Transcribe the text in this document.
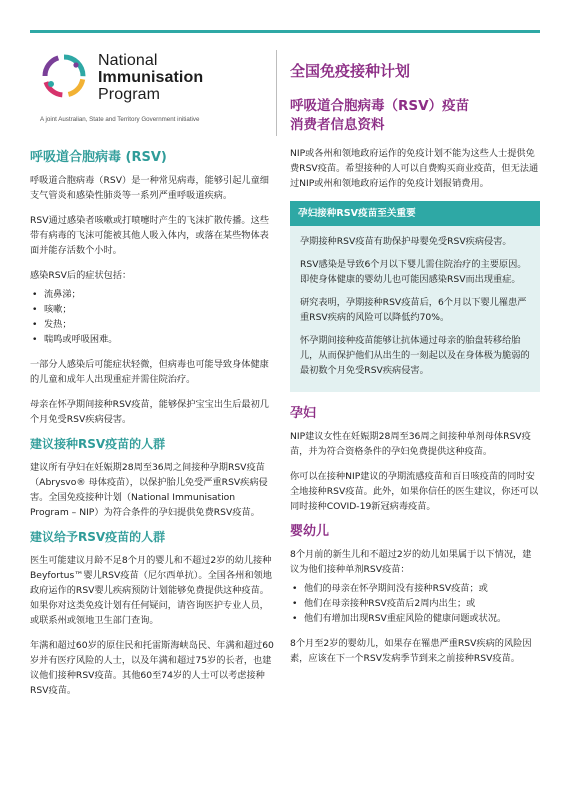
National
Immunisation
Program
A joint Australian, State and Territory Government initiative
全国免疫接种计划
呼吸道合胞病毒（RSV）疫苗
消费者信息资料
呼吸道合胞病毒 (RSV)
呼吸道合胞病毒（RSV）是一种常见病毒，能够引起儿童细支气管炎和感染性肺炎等一系列严重呼吸道疾病。
RSV通过感染者咳嗽或打喷嚏时产生的飞沫扩散传播。这些带有病毒的飞沫可能被其他人吸入体内，或落在某些物体表面并能存活数个小时。
感染RSV后的症状包括：
• 流鼻涕；
• 咳嗽；
• 发热；
• 喘鸣或呼吸困难。
一部分人感染后可能症状轻微，但病毒也可能导致身体健康的儿童和成年人出现重症并需住院治疗。
母亲在怀孕期间接种RSV疫苗，能够保护宝宝出生后最初几个月免受RSV疾病侵害。
建议接种RSV疫苗的人群
建议所有孕妇在妊娠期28周至36周之间接种孕期RSV疫苗（Abrysvo® 母体疫苗），以保护胎儿免受严重RSV疾病侵害。全国免疫接种计划（National Immunisation Program – NIP）为符合条件的孕妇提供免费RSV疫苗。
建议给予RSV疫苗的人群
医生可能建议月龄不足8个月的婴儿和不超过2岁的幼儿接种Beyfortus™婴儿RSV疫苗（尼尔西单抗）。全国各州和领地政府运作的RSV婴儿疾病预防计划能够免费提供这种疫苗。如果你对这类免疫计划有任何疑问，请咨询医护专业人员，或联系州或领地卫生部门查询。
年满和超过60岁的原住民和托雷斯海峡岛民、年满和超过60岁并有医疗风险的人士，以及年满和超过75岁的长者，也建议他们接种RSV疫苗。其他60至74岁的人士可以考虑接种RSV疫苗。
NIP或各州和领地政府运作的免疫计划不能为这些人士提供免费RSV疫苗。希望接种的人可以自费购买商业疫苗，但无法通过NIP或州和领地政府运作的免疫计划报销费用。
孕妇接种RSV疫苗至关重要
孕期接种RSV疫苗有助保护母婴免受RSV疾病侵害。
RSV感染是导致6个月以下婴儿需住院治疗的主要原因。即使身体健康的婴幼儿也可能因感染RSV而出现重症。
研究表明，孕期接种RSV疫苗后，6个月以下婴儿罹患严重RSV疾病的风险可以降低约70%。
怀孕期间接种疫苗能够让抗体通过母亲的胎盘转移给胎儿，从而保护他们从出生的一刻起以及在身体极为脆弱的最初数个月免受RSV疾病侵害。
孕妇
NIP建议女性在妊娠期28周至36周之间接种单剂母体RSV疫苗，并为符合资格条件的孕妇免费提供这种疫苗。
你可以在接种NIP建议的孕期流感疫苗和百日咳疫苗的同时安全地接种RSV疫苗。此外，如果你信任的医生建议，你还可以同时接种COVID-19新冠病毒疫苗。
婴幼儿
8个月前的新生儿和不超过2岁的幼儿如果属于以下情况，建议为他们接种单剂RSV疫苗：
• 他们的母亲在怀孕期间没有接种RSV疫苗；或
• 他们在母亲接种RSV疫苗后2周内出生；或
• 他们有增加出现RSV重症风险的健康问题或状况。
8个月至2岁的婴幼儿，如果存在罹患严重RSV疾病的风险因素，应该在下一个RSV发病季节到来之前接种RSV疫苗。
